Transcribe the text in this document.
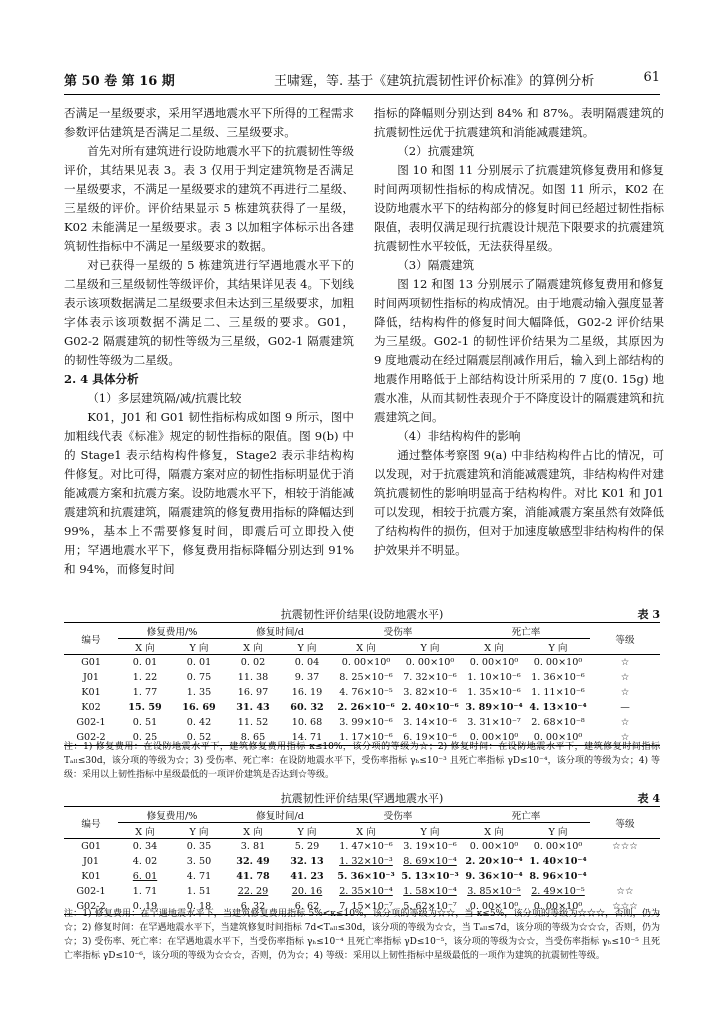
第 50 卷 第 16 期	王啸霆，等. 基于《建筑抗震韧性评价标准》的算例分析	61

否满足一星级要求，采用罕遇地震水平下所得的工程需求参数评估建筑是否满足二星级、三星级要求。

首先对所有建筑进行设防地震水平下的抗震韧性等级评价，其结果见表 3。表 3 仅用于判定建筑物是否满足一星级要求，不满足一星级要求的建筑不再进行二星级、三星级的评价。评价结果显示 5 栋建筑获得了一星级，K02 未能满足一星级要求。表 3 以加粗字体标示出各建筑韧性指标中不满足一星级要求的数据。

对已获得一星级的 5 栋建筑进行罕遇地震水平下的二星级和三星级韧性等级评价，其结果详见表 4。下划线表示该项数据满足二星级要求但未达到三星级要求，加粗字体表示该项数据不满足二、三星级的要求。G01，G02-2 隔震建筑的韧性等级为三星级，G02-1 隔震建筑的韧性等级为二星级。

2. 4 具体分析

（1）多层建筑隔/减/抗震比较

K01，J01 和 G01 韧性指标构成如图 9 所示，图中加粗线代表《标准》规定的韧性指标的限值。图 9(b) 中的 Stage1 表示结构构件修复，Stage2 表示非结构构件修复。对比可得，隔震方案对应的韧性指标明显优于消能减震方案和抗震方案。设防地震水平下，相较于消能减震建筑和抗震建筑，隔震建筑的修复费用指标的降幅达到 99%，基本上不需要修复时间，即震后可立即投入使用；罕遇地震水平下，修复费用指标降幅分别达到 91% 和 94%，而修复时间

指标的降幅则分别达到 84% 和 87%。表明隔震建筑的抗震韧性远优于抗震建筑和消能减震建筑。

（2）抗震建筑

图 10 和图 11 分别展示了抗震建筑修复费用和修复时间两项韧性指标的构成情况。如图 11 所示，K02 在设防地震水平下的结构部分的修复时间已经超过韧性指标限值，表明仅满足现行抗震设计规范下限要求的抗震建筑抗震韧性水平较低，无法获得星级。

（3）隔震建筑

图 12 和图 13 分别展示了隔震建筑修复费用和修复时间两项韧性指标的构成情况。由于地震动输入强度显著降低，结构构件的修复时间大幅降低，G02-2 评价结果为三星级。G02-1 的韧性评价结果为二星级，其原因为 9 度地震动在经过隔震层削减作用后，输入到上部结构的地震作用略低于上部结构设计所采用的 7 度(0. 15g) 地震水准，从而其韧性表现介于不降度设计的隔震建筑和抗震建筑之间。

（4）非结构构件的影响

通过整体考察图 9(a) 中非结构构件占比的情况，可以发现，对于抗震建筑和消能减震建筑，非结构构件对建筑抗震韧性的影响明显高于结构构件。对比 K01 和 J01 可以发现，相较于抗震方案，消能减震方案虽然有效降低了结构构件的损伤，但对于加速度敏感型非结构构件的保护效果并不明显。

抗震韧性评价结果(设防地震水平)	表 3
编号	修复费用/%		修复时间/d		受伤率		死亡率		等级
	X 向	Y 向	X 向	Y 向	X 向	Y 向	X 向	Y 向	
G01	0. 01	0. 01	0. 02	0. 04	0. 00×10⁰	0. 00×10⁰	0. 00×10⁰	0. 00×10⁰	☆
J01	1. 22	0. 75	11. 38	9. 37	8. 25×10⁻⁶	7. 32×10⁻⁶	1. 10×10⁻⁶	1. 36×10⁻⁶	☆
K01	1. 77	1. 35	16. 97	16. 19	4. 76×10⁻⁵	3. 82×10⁻⁶	1. 35×10⁻⁶	1. 11×10⁻⁶	☆
K02	15. 59	16. 69	31. 43	60. 32	2. 26×10⁻⁶	2. 40×10⁻⁶	3. 89×10⁻⁴	4. 13×10⁻⁴	—
G02-1	0. 51	0. 42	11. 52	10. 68	3. 99×10⁻⁶	3. 14×10⁻⁶	3. 31×10⁻⁷	2. 68×10⁻⁸	☆
G02-2	0. 25	0. 52	8. 65	14. 71	1. 17×10⁻⁶	6. 19×10⁻⁶	0. 00×10⁰	0. 00×10⁰	☆
注：1) 修复费用：在设防地震水平下，建筑修复费用指标 κ≤10%，该分项的等级为☆；2) 修复时间：在设防地震水平下，建筑修复时间指标 Tₐₗₗ≤30d，该分项的等级为☆；3) 受伤率、死亡率：在设防地震水平下，受伤率指标 γₕ≤10⁻³ 且死亡率指标 γD≤10⁻⁴，该分项的等级为☆；4) 等级：采用以上韧性指标中星级最低的一项评价建筑是否达到☆等级。
抗震韧性评价结果(罕遇地震水平)	表 4
编号	修复费用/%		修复时间/d		受伤率		死亡率		等级
	X 向	Y 向	X 向	Y 向	X 向	Y 向	X 向	Y 向	
G01	0. 34	0. 35	3. 81	5. 29	1. 47×10⁻⁶	3. 19×10⁻⁶	0. 00×10⁰	0. 00×10⁰	☆☆☆
J01	4. 02	3. 50	32. 49	32. 13	1. 32×10⁻³	8. 69×10⁻⁴	2. 20×10⁻⁴	1. 40×10⁻⁴	
K01	6. 01	4. 71	41. 78	41. 23	5. 36×10⁻³	5. 13×10⁻³	9. 36×10⁻⁴	8. 96×10⁻⁴	
G02-1	1. 71	1. 51	22. 29	20. 16	2. 35×10⁻⁴	1. 58×10⁻⁴	3. 85×10⁻⁵	2. 49×10⁻⁵	☆☆
G02-2	0. 19	0. 18	6. 32	6. 62	7. 15×10⁻⁷	5. 62×10⁻⁷	0. 00×10⁰	0. 00×10⁰	☆☆☆
注：1) 修复费用：在罕遇地震水平下，当建筑修复费用指标 5%<κ≤10%，该分项的等级为☆☆，当 κ≤5%，该分项的等级为☆☆☆，否则，仍为☆；2) 修复时间：在罕遇地震水平下，当建筑修复时间指标 7d<Tₐₗₗ≤30d，该分项的等级为☆☆，当 Tₐₗₗ≤7d，该分项的等级为☆☆☆，否则，仍为☆；3) 受伤率、死亡率：在罕遇地震水平下，当受伤率指标 γₕ≤10⁻⁴ 且死亡率指标 γD≤10⁻⁵，该分项的等级为☆☆，当受伤率指标 γₕ≤10⁻⁵ 且死亡率指标 γD≤10⁻⁶，该分项的等级为☆☆☆，否则，仍为☆；4) 等级：采用以上韧性指标中星级最低的一项作为建筑的抗震韧性等级。
